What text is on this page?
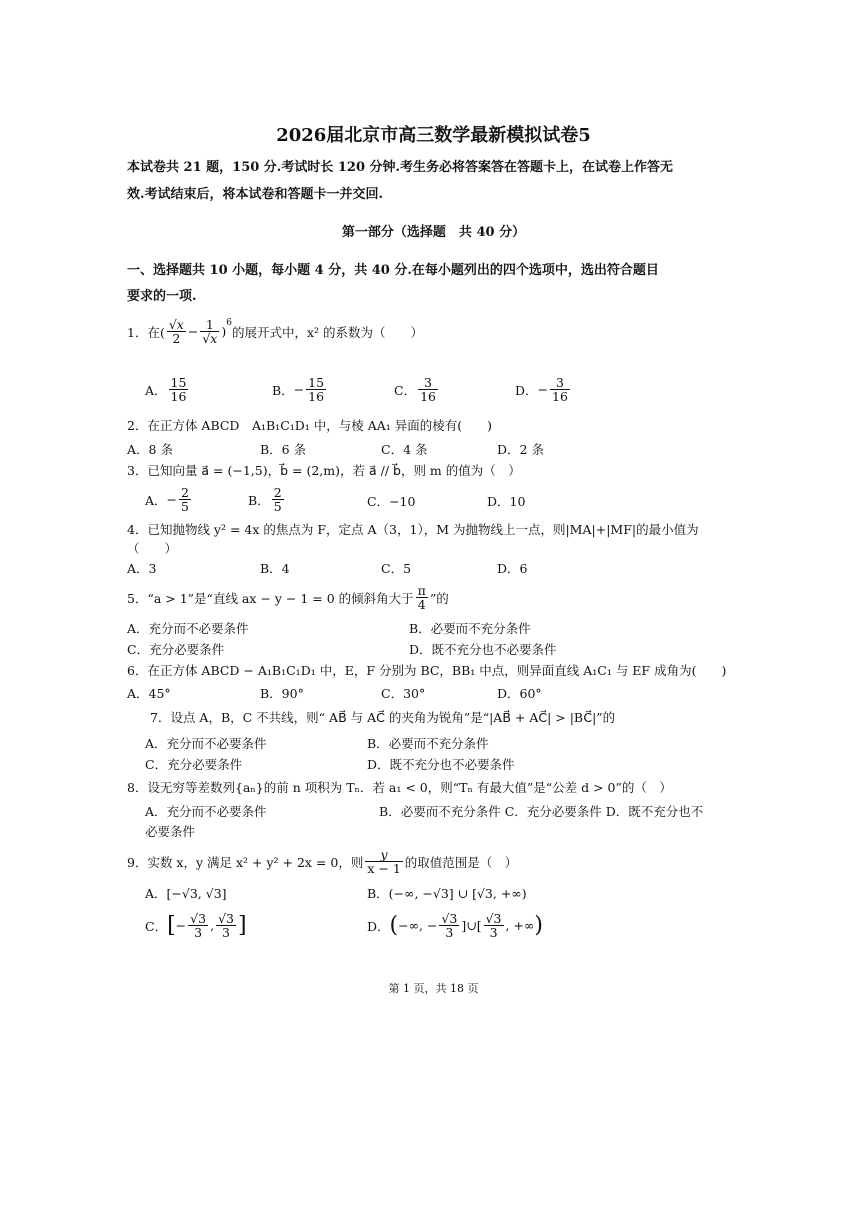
2026届北京市高三数学最新模拟试卷5
本试卷共 21 题，150 分.考试时长 120 分钟.考生务必将答案答在答题卡上，在试卷上作答无
效.考试结束后，将本试卷和答题卡一并交回.
第一部分（选择题　共 40 分）
一、选择题共 10 小题，每小题 4 分，共 40 分.在每小题列出的四个选项中，选出符合题目
要求的一项.
1．在( $\frac{√x}{2} - \frac{1}{√x}$ )
$^6$
的展开式中，x² 的系数为（　　）
A． $\frac{15}{16}$	B． − $\frac{15}{16}$	C． $\frac{3}{16}$	D． − $\frac{3}{16}$
2．在正方体 ABCD　A₁B₁C₁D₁ 中，与棱 AA₁ 异面的棱有(　　)
A．8 条	B．6 条	C．4 条	D．2 条
3．已知向量 a⃗ = (−1,5)，b⃗ = (2,m)，若 a⃗ // b⃗，则 m 的值为（　）
A． − $\frac{2}{5}$	B． $\frac{2}{5}$	C．−10	D．10
4．已知抛物线 y² = 4x 的焦点为 F，定点 A（3，1），M 为抛物线上一点，则|MA|+|MF|的最小值为
（　　）
A．3	B．4	C．5	D．6
5．“a > 1”是“直线 ax − y − 1 = 0 的倾斜角大于 $\frac{\pi}{4}$ ”的
A．充分而不必要条件	B．必要而不充分条件
C．充分必要条件	D．既不充分也不必要条件
6．在正方体 ABCD − A₁B₁C₁D₁ 中，E，F 分别为 BC，BB₁ 中点，则异面直线 A₁C₁ 与 EF 成角为(　　)
A．45°	B．90°	C．30°	D．60°
7．设点 A，B，C 不共线，则“ AB⃗ 与 AC⃗ 的夹角为锐角”是“|AB⃗ + AC⃗| > |BC⃗|”的
A．充分而不必要条件	B．必要而不充分条件
C．充分必要条件	D．既不充分也不必要条件
8．设无穷等差数列{aₙ}的前 n 项积为 Tₙ．若 a₁ < 0，则“Tₙ 有最大值”是“公差 d > 0”的（　）
A．充分而不必要条件　　　　　　　　　B．必要而不充分条件 C．充分必要条件 D．既不充分也不
必要条件
9．实数 x，y 满足 x² + y² + 2x = 0，则 $\frac{y}{x - 1}$ 的取值范围是（　）
A．[−√3, √3]	B．(−∞, −√3] ∪ [√3, +∞)
C． [ − $\frac{√3}{3}$ , $\frac{√3}{3}$ ]	D． ( −∞, − $\frac{√3}{3}$ ]∪[ $\frac{√3}{3}$ , +∞ )
第 1 页，共 18 页
